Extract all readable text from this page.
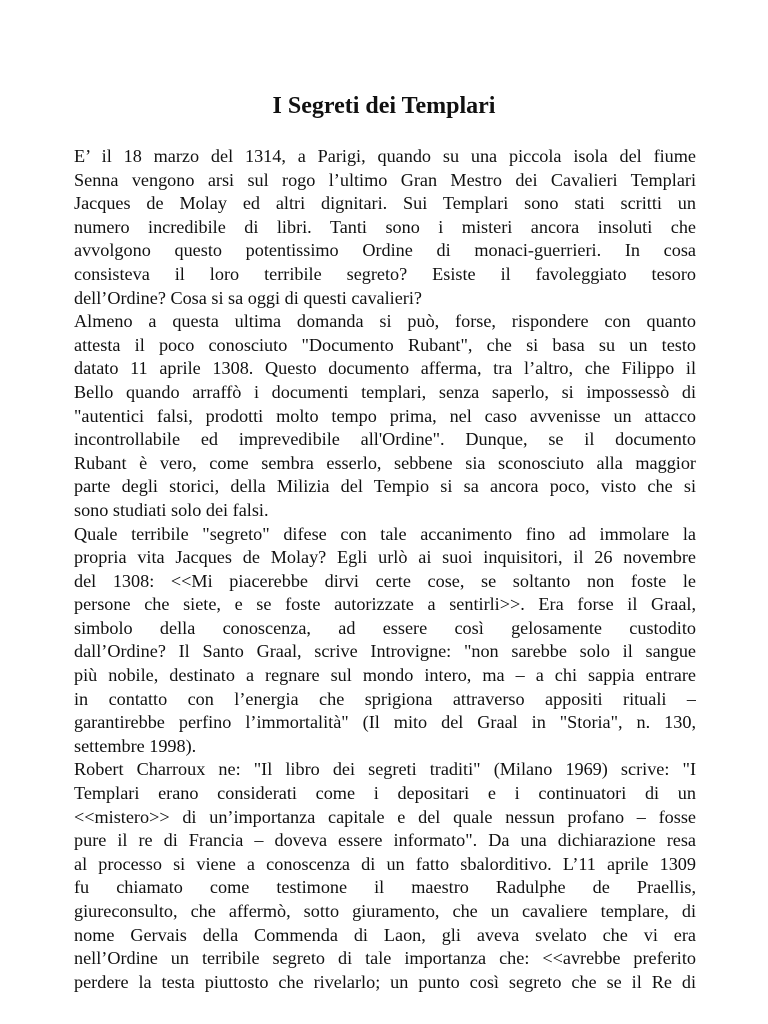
I Segreti dei Templari
E’ il 18 marzo del 1314, a Parigi, quando su una piccola isola del fiume
Senna vengono arsi sul rogo l’ultimo Gran Mestro dei Cavalieri Templari
Jacques de Molay ed altri dignitari. Sui Templari sono stati scritti un
numero incredibile di libri. Tanti sono i misteri ancora insoluti che
avvolgono questo potentissimo Ordine di monaci-guerrieri. In cosa
consisteva il loro terribile segreto? Esiste il favoleggiato tesoro
dell’Ordine? Cosa si sa oggi di questi cavalieri?
Almeno a questa ultima domanda si può, forse, rispondere con quanto
attesta il poco conosciuto "Documento Rubant", che si basa su un testo
datato 11 aprile 1308. Questo documento afferma, tra l’altro, che Filippo il
Bello quando arraffò i documenti templari, senza saperlo, si impossessò di
"autentici falsi, prodotti molto tempo prima, nel caso avvenisse un attacco
incontrollabile ed imprevedibile all'Ordine". Dunque, se il documento
Rubant è vero, come sembra esserlo, sebbene sia sconosciuto alla maggior
parte degli storici, della Milizia del Tempio si sa ancora poco, visto che si
sono studiati solo dei falsi.
Quale terribile "segreto" difese con tale accanimento fino ad immolare la
propria vita Jacques de Molay? Egli urlò ai suoi inquisitori, il 26 novembre
del 1308: <<Mi piacerebbe dirvi certe cose, se soltanto non foste le
persone che siete, e se foste autorizzate a sentirli>>. Era forse il Graal,
simbolo della conoscenza, ad essere così gelosamente custodito
dall’Ordine? Il Santo Graal, scrive Introvigne: "non sarebbe solo il sangue
più nobile, destinato a regnare sul mondo intero, ma – a chi sappia entrare
in contatto con l’energia che sprigiona attraverso appositi rituali –
garantirebbe perfino l’immortalità" (Il mito del Graal in "Storia", n. 130,
settembre 1998).
Robert Charroux ne: "Il libro dei segreti traditi" (Milano 1969) scrive: "I
Templari erano considerati come i depositari e i continuatori di un
<<mistero>> di un’importanza capitale e del quale nessun profano – fosse
pure il re di Francia – doveva essere informato". Da una dichiarazione resa
al processo si viene a conoscenza di un fatto sbalorditivo. L’11 aprile 1309
fu chiamato come testimone il maestro Radulphe de Praellis,
giureconsulto, che affermò, sotto giuramento, che un cavaliere templare, di
nome Gervais della Commenda di Laon, gli aveva svelato che vi era
nell’Ordine un terribile segreto di tale importanza che: <<avrebbe preferito
perdere la testa piuttosto che rivelarlo; un punto così segreto che se il Re di
